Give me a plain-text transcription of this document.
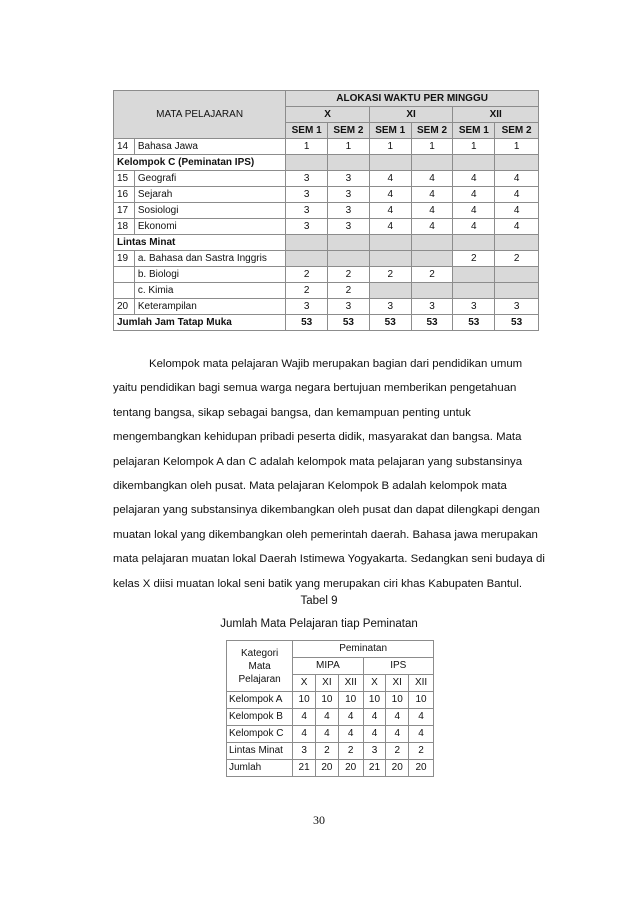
MATA PELAJARAN		ALOKASI WAKTU PER MINGGU					
		X		XI		XII	
		SEM 1	SEM 2	SEM 1	SEM 2	SEM 1	SEM 2
14	Bahasa Jawa	1	1	1	1	1	1
Kelompok C (Peminatan IPS)							
15	Geografi	3	3	4	4	4	4
16	Sejarah	3	3	4	4	4	4
17	Sosiologi	3	3	4	4	4	4
18	Ekonomi	3	3	4	4	4	4
Lintas Minat							
19	a. Bahasa dan Sastra Inggris					2	2
	b. Biologi	2	2	2	2		
	c. Kimia	2	2				
20	Keterampilan	3	3	3	3	3	3
Jumlah Jam Tatap Muka		53	53	53	53	53	53
Kelompok mata pelajaran Wajib merupakan bagian dari pendidikan umum
yaitu pendidikan bagi semua warga negara bertujuan memberikan pengetahuan
tentang bangsa, sikap sebagai bangsa, dan kemampuan penting untuk
mengembangkan kehidupan pribadi peserta didik, masyarakat dan bangsa. Mata
pelajaran Kelompok A dan C adalah kelompok mata pelajaran yang substansinya
dikembangkan oleh pusat. Mata pelajaran Kelompok B adalah kelompok mata
pelajaran yang substansinya dikembangkan oleh pusat dan dapat dilengkapi dengan
muatan lokal yang dikembangkan oleh pemerintah daerah. Bahasa jawa merupakan
mata pelajaran muatan lokal Daerah Istimewa Yogyakarta. Sedangkan seni budaya di
kelas X diisi muatan lokal seni batik yang merupakan ciri khas Kabupaten Bantul.

Tabel 9

Jumlah Mata Pelajaran tiap Peminatan

Kategori
Mata
Pelajaran	Peminatan					
	MIPA			IPS		
	X	XI	XII	X	XI	XII
Kelompok A	10	10	10	10	10	10
Kelompok B	4	4	4	4	4	4
Kelompok C	4	4	4	4	4	4
Lintas Minat	3	2	2	3	2	2
Jumlah	21	20	20	21	20	20
30
